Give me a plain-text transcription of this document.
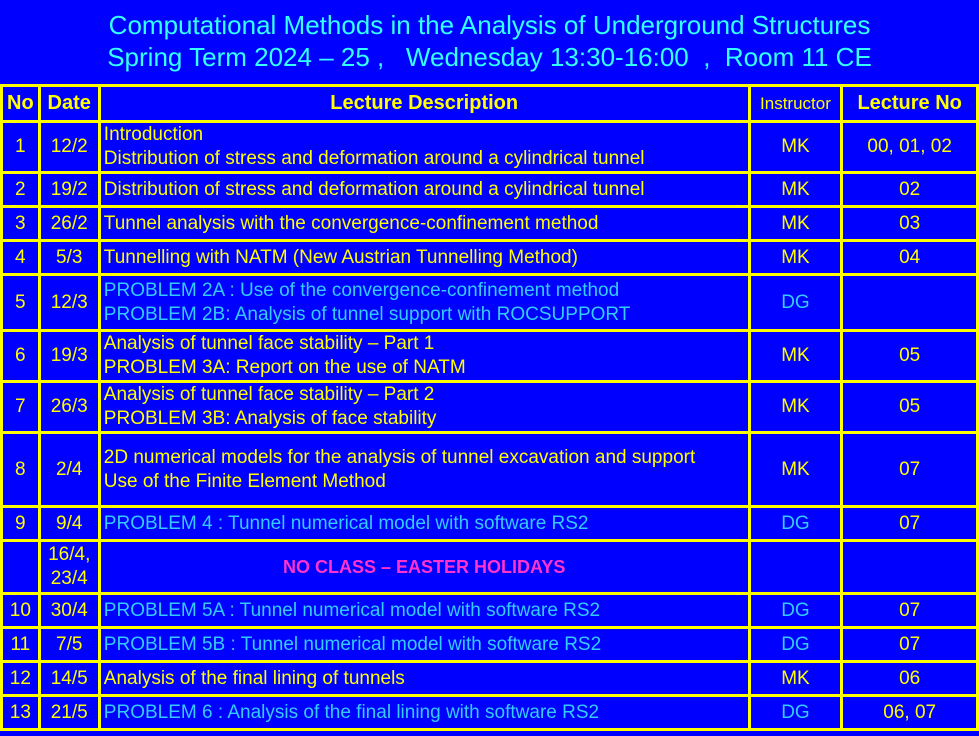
Computational Methods in the Analysis of Underground Structures
Spring Term 2024 – 25 ,   Wednesday 13:30-16:00  ,  Room 11 CE
No	Date	Lecture Description	Instructor	Lecture No
1	12/2	Introduction
Distribution of stress and deformation around a cylindrical tunnel	MK	00, 01, 02
2	19/2	Distribution of stress and deformation around a cylindrical tunnel	MK	02
3	26/2	Tunnel analysis with the convergence-confinement method	MK	03
4	5/3	Tunnelling with NATM (New Austrian Tunnelling Method)	MK	04
5	12/3	PROBLEM 2A : Use of the convergence-confinement method
PROBLEM 2B: Analysis of tunnel support with ROCSUPPORT	DG	
6	19/3	Analysis of tunnel face stability – Part 1
PROBLEM 3A: Report on the use of NATM	MK	05
7	26/3	Analysis of tunnel face stability – Part 2
PROBLEM 3B: Analysis of face stability	MK	05
8	2/4	2D numerical models for the analysis of tunnel excavation and support
Use of the Finite Element Method	MK	07
9	9/4	PROBLEM 4 : Tunnel numerical model with software RS2	DG	07

	16/4,
23/4	NO CLASS – EASTER HOLIDAYS		
10	30/4	PROBLEM 5A : Tunnel numerical model with software RS2	DG	07
11	7/5	PROBLEM 5B : Tunnel numerical model with software RS2	DG	07
12	14/5	Analysis of the final lining of tunnels	MK	06
13	21/5	PROBLEM 6 : Analysis of the final lining with software RS2	DG	06, 07
